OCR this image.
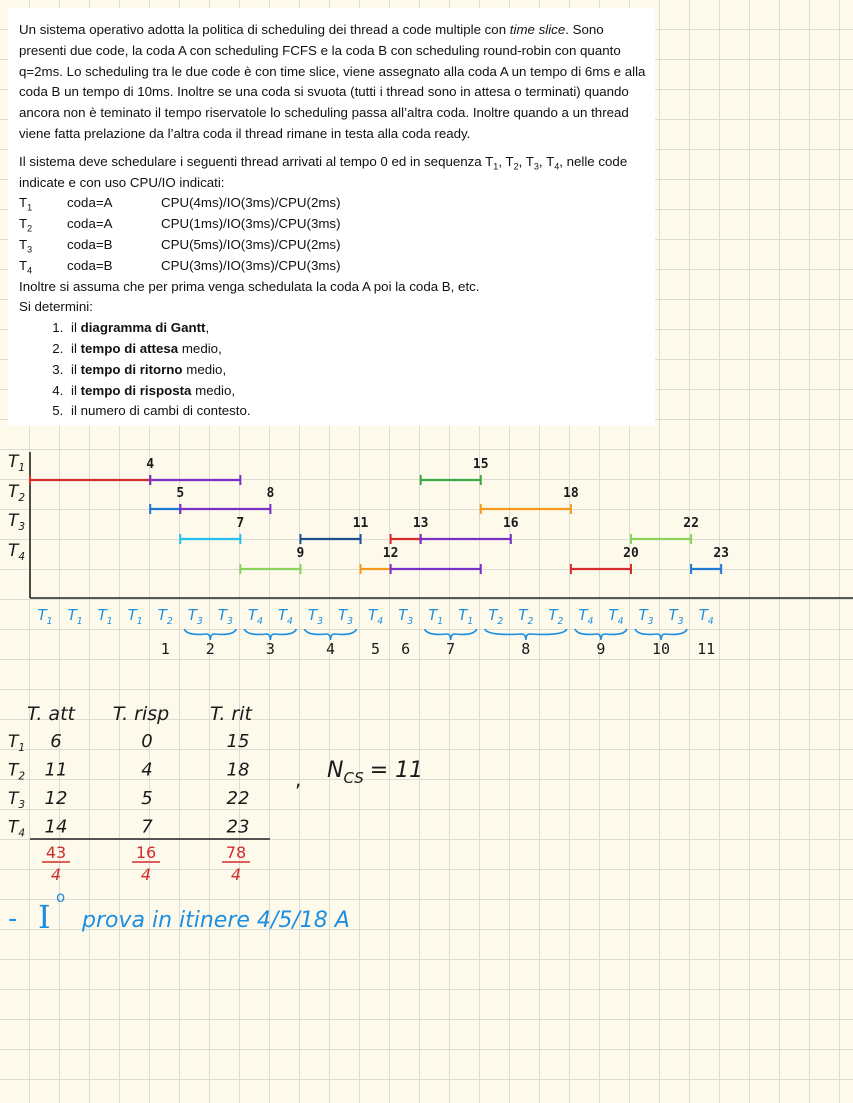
Un sistema operativo adotta la politica di scheduling dei thread a code multiple con time slice. Sono presenti due code, la coda A con scheduling FCFS e la coda B con scheduling round-robin con quanto q=2ms. Lo scheduling tra le due code è con time slice, viene assegnato alla coda A un tempo di 6ms e alla coda B un tempo di 10ms. Inoltre se una coda si svuota (tutti i thread sono in attesa o terminati) quando ancora non è teminato il tempo riservatole lo scheduling passa all’altra coda. Inoltre quando a un thread viene fatta prelazione da l’altra coda il thread rimane in testa alla coda ready.

Il sistema deve schedulare i seguenti thread arrivati al tempo 0 ed in sequenza $T_1$, $T_2$, $T_3$, $T_4$, nelle code indicate e con uso CPU/IO indicati:

$T_1$	coda=A	CPU(4ms)/IO(3ms)/CPU(2ms)
$T_2$	coda=A	CPU(1ms)/IO(3ms)/CPU(3ms)
$T_3$	coda=B	CPU(5ms)/IO(3ms)/CPU(2ms)
$T_4$	coda=B	CPU(3ms)/IO(3ms)/CPU(3ms)

Inoltre si assuma che per prima venga schedulata la coda A poi la coda B, etc.

Si determini:

1. il diagramma di Gantt,
2. il tempo di attesa medio,
3. il tempo di ritorno medio,
4. il tempo di risposta medio,
5. il numero di cambi di contesto.
$T_1$
$T_2$
$T_3$
$T_4$
4	15
5	8	18
7	11	13	16	22
9	12	20	23
$T_1$ $T_1$ $T_1$ $T_1$ $T_2$ $T_3$ $T_3$ $T_4$ $T_4$ $T_3$ $T_3$ $T_4$ $T_3$ $T_1$ $T_1$ $T_2$ $T_2$ $T_2$ $T_4$ $T_4$ $T_3$ $T_3$ $T_4$
1 2	3	4 5 6 7	8	9	10 11
T. att T. risp T. rit
$T_1$ 6	0	15
$T_2$ 11	4	18
$T_3$ 12	5	22
$T_4$ 14	7	23
43
4
16
4
78
4
, $N_{CS} = 11$
- I
o
prova in itinere 4/5/18 A
